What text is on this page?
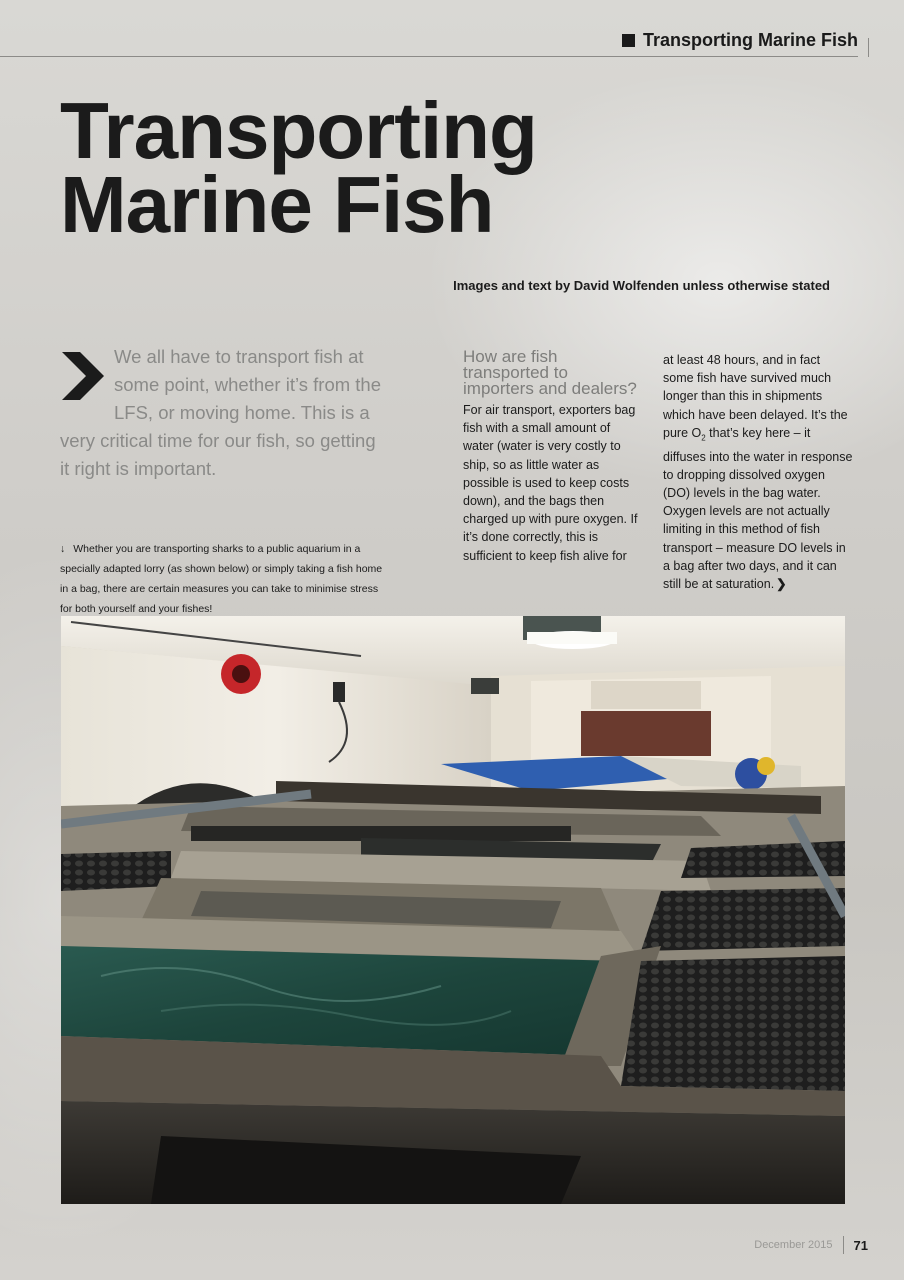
Transporting Marine Fish
Transporting
Marine Fish
Images and text by David Wolfenden unless otherwise stated

We all have to transport fish at some point, whether it’s from the LFS, or moving home. This is a very critical time for our fish, so getting it right is important.

↓ Whether you are transporting sharks to a public aquarium in a specially adapted lorry (as shown below) or simply taking a fish home in a bag, there are certain measures you can take to minimise stress for both yourself and your fishes!

How are fish transported to importers and dealers?

For air transport, exporters bag fish with a small amount of water (water is very costly to ship, so as little water as possible is used to keep costs down), and the bags then charged up with pure oxygen. If it’s done correctly, this is sufficient to keep fish alive for

at least 48 hours, and in fact some fish have survived much longer than this in shipments which have been delayed. It’s the pure $O_2$ that’s key here – it diffuses into the water in response to dropping dissolved oxygen (DO) levels in the bag water. Oxygen levels are not actually limiting in this method of fish transport – measure DO levels in a bag after two days, and it can still be at saturation. ❯

December 2015 71
